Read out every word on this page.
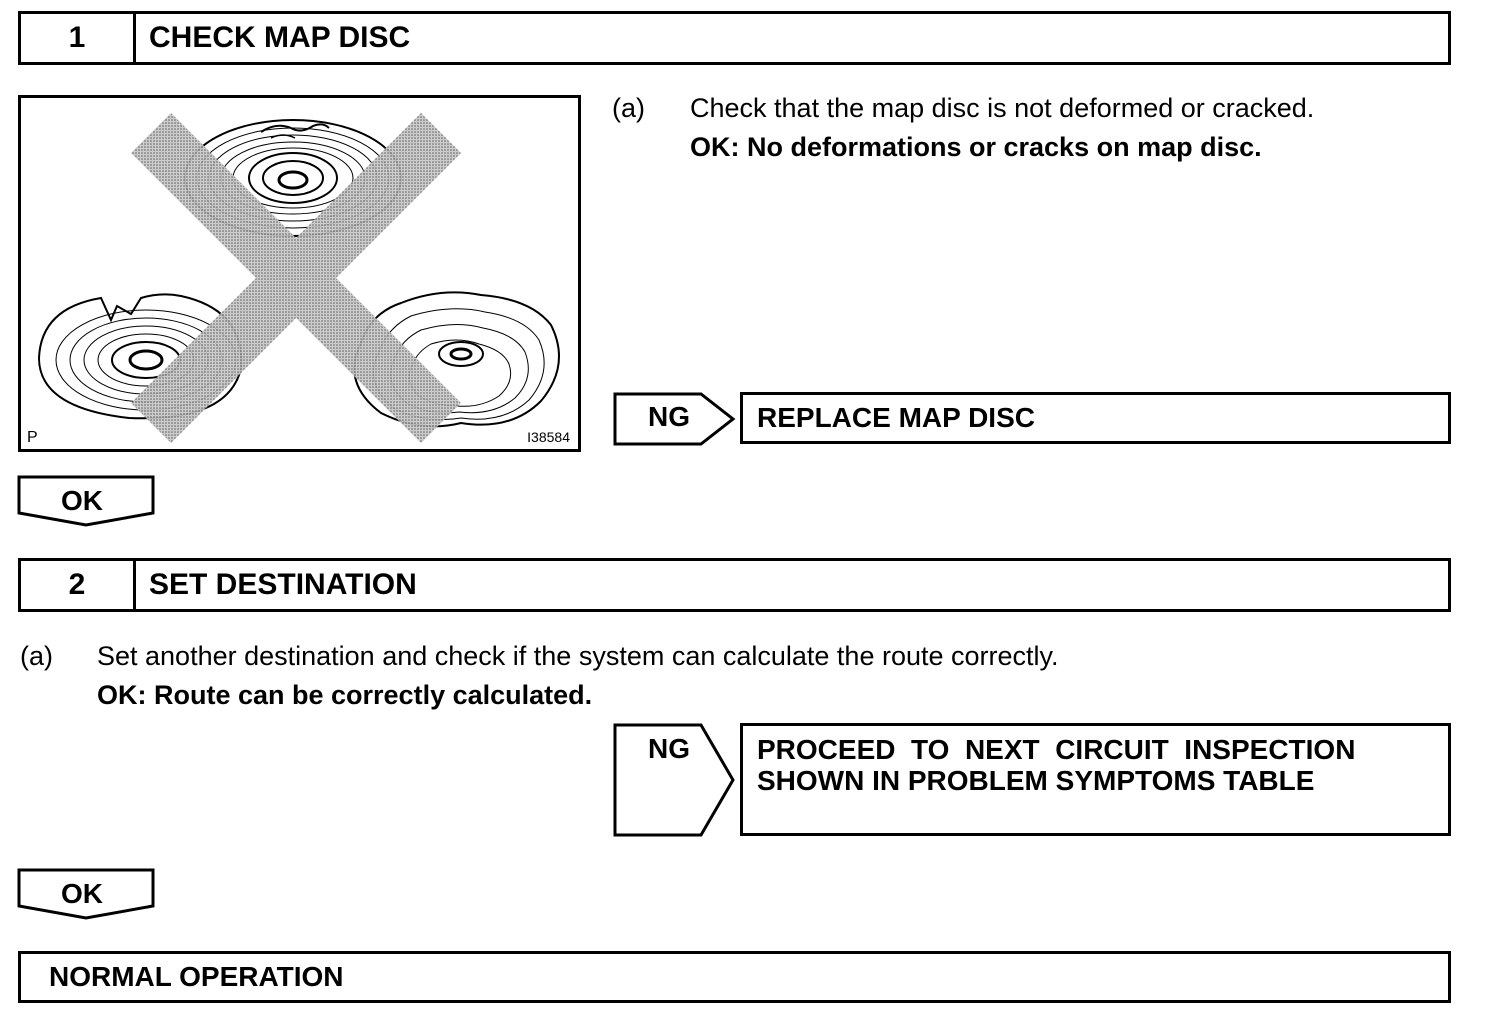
1	CHECK MAP DISC
P	I38584
(a) Check that the map disc is not deformed or cracked.
OK: No deformations or cracks on map disc.
NG	REPLACE MAP DISC
OK
2	SET DESTINATION
(a) Set another destination and check if the system can calculate the route correctly.
OK: Route can be correctly calculated.
NG PROCEED  TO  NEXT  CIRCUIT  INSPECTION
SHOWN IN PROBLEM SYMPTOMS TABLE
OK
NORMAL OPERATION
